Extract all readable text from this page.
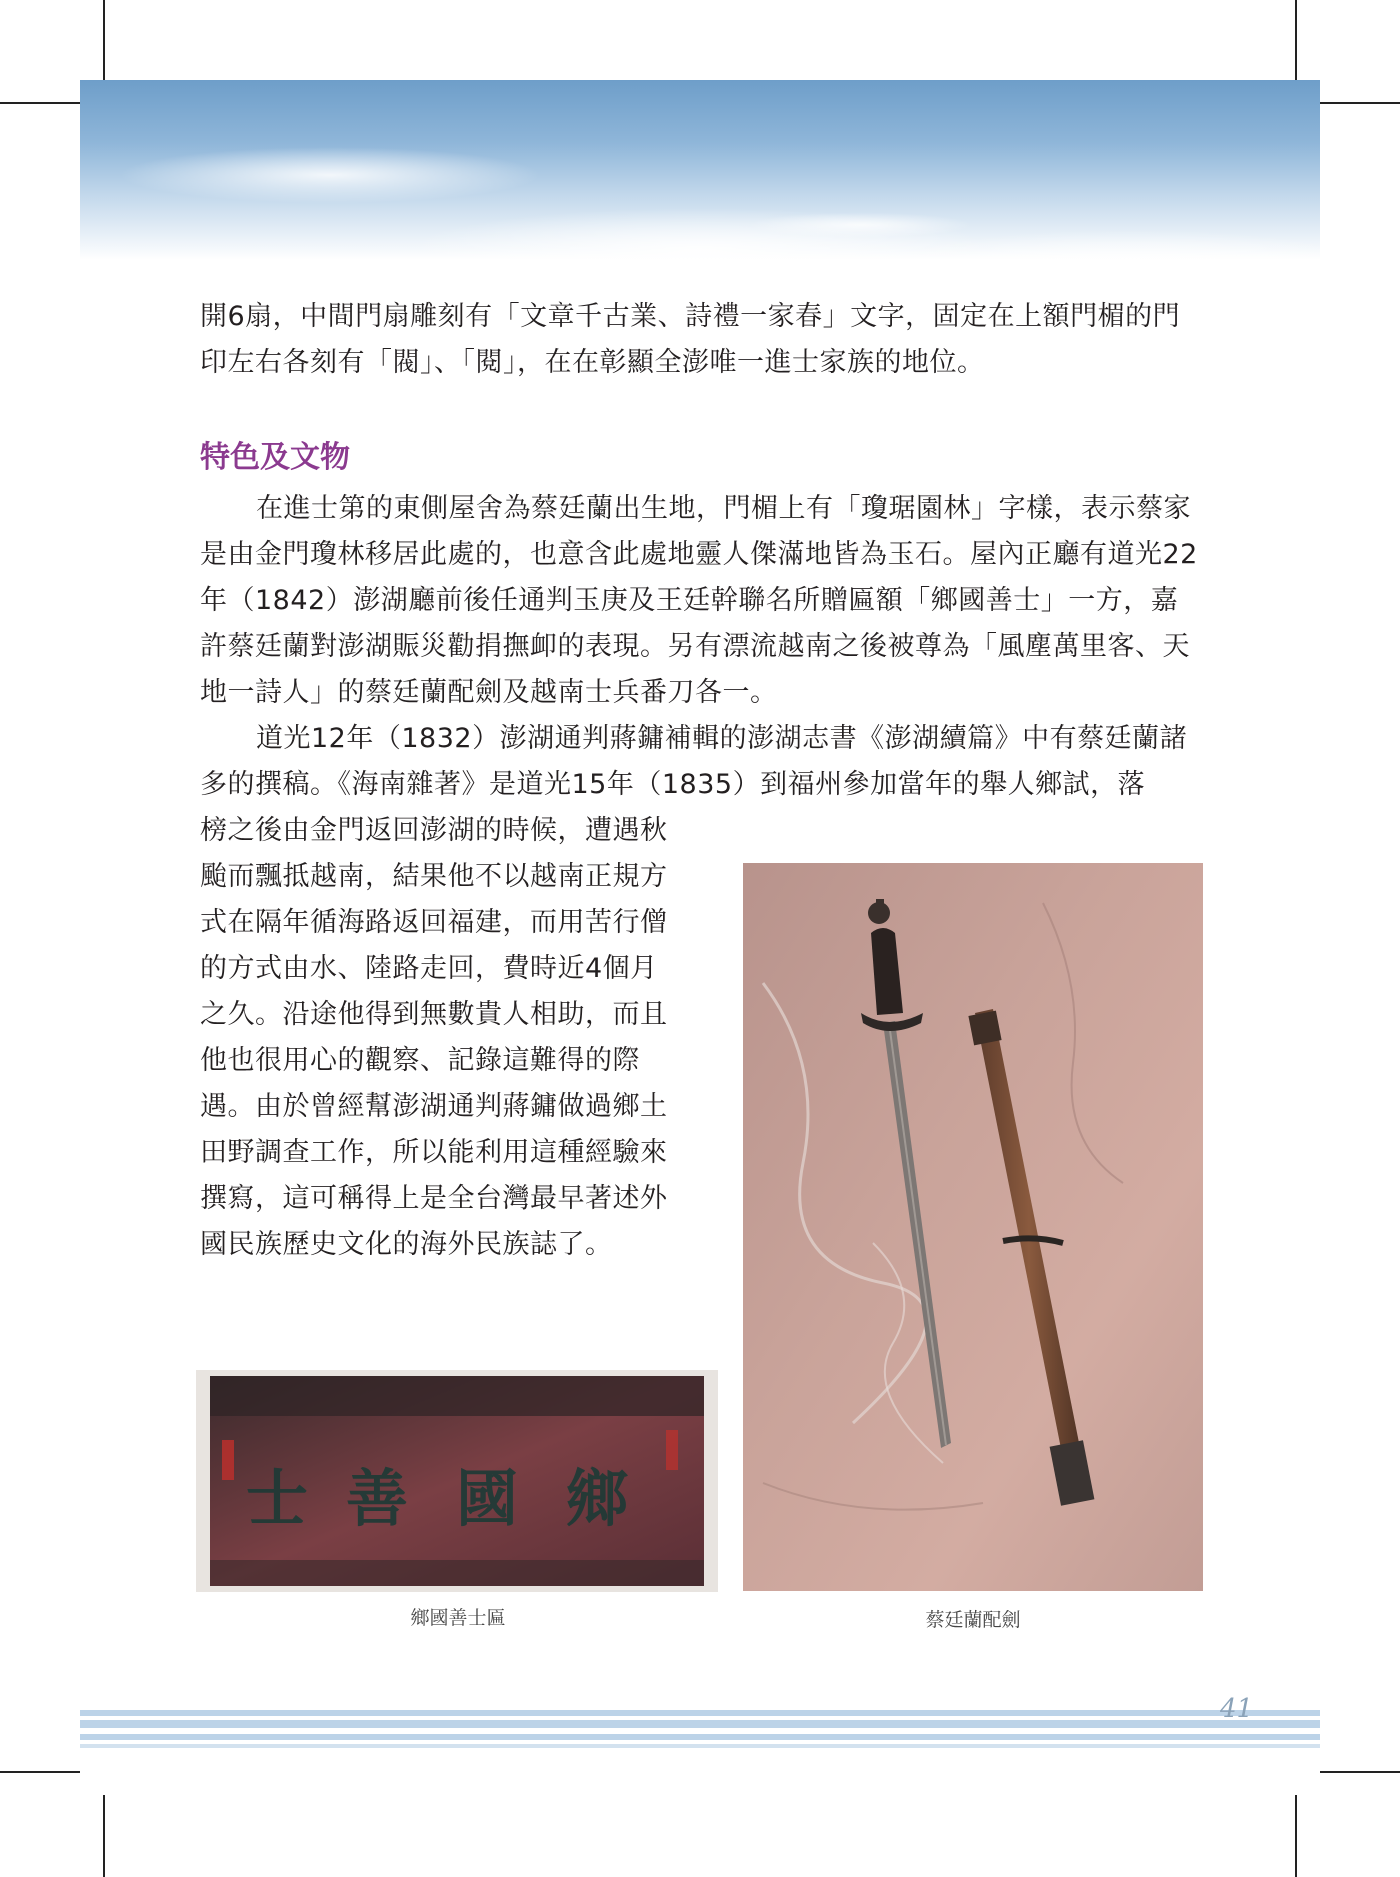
開6扇，中間門扇雕刻有「文章千古業、詩禮一家春」文字，固定在上額門楣的門印左右各刻有「閥」、「閱」，在在彰顯全澎唯一進士家族的地位。

特色及文物

在進士第的東側屋舍為蔡廷蘭出生地，門楣上有「瓊琚園林」字樣，表示蔡家是由金門瓊林移居此處的，也意含此處地靈人傑滿地皆為玉石。屋內正廳有道光22年（1842）澎湖廳前後任通判玉庚及王廷幹聯名所贈匾額「鄉國善士」一方，嘉許蔡廷蘭對澎湖賑災勸捐撫卹的表現。另有漂流越南之後被尊為「風塵萬里客、天地一詩人」的蔡廷蘭配劍及越南士兵番刀各一。

道光12年（1832）澎湖通判蔣鏞補輯的澎湖志書《澎湖續篇》中有蔡廷蘭諸多的撰稿。《海南雜著》是道光15年（1835）到福州參加當年的舉人鄉試，落

榜之後由金門返回澎湖的時候，遭遇秋颱而飄抵越南，結果他不以越南正規方式在隔年循海路返回福建，而用苦行僧的方式由水、陸路走回，費時近4個月之久。沿途他得到無數貴人相助，而且他也很用心的觀察、記錄這難得的際遇。由於曾經幫澎湖通判蔣鏞做過鄉土田野調查工作，所以能利用這種經驗來撰寫，這可稱得上是全台灣最早著述外國民族歷史文化的海外民族誌了。

鄉
國
善
士
鄉國善士匾	蔡廷蘭配劍
41
